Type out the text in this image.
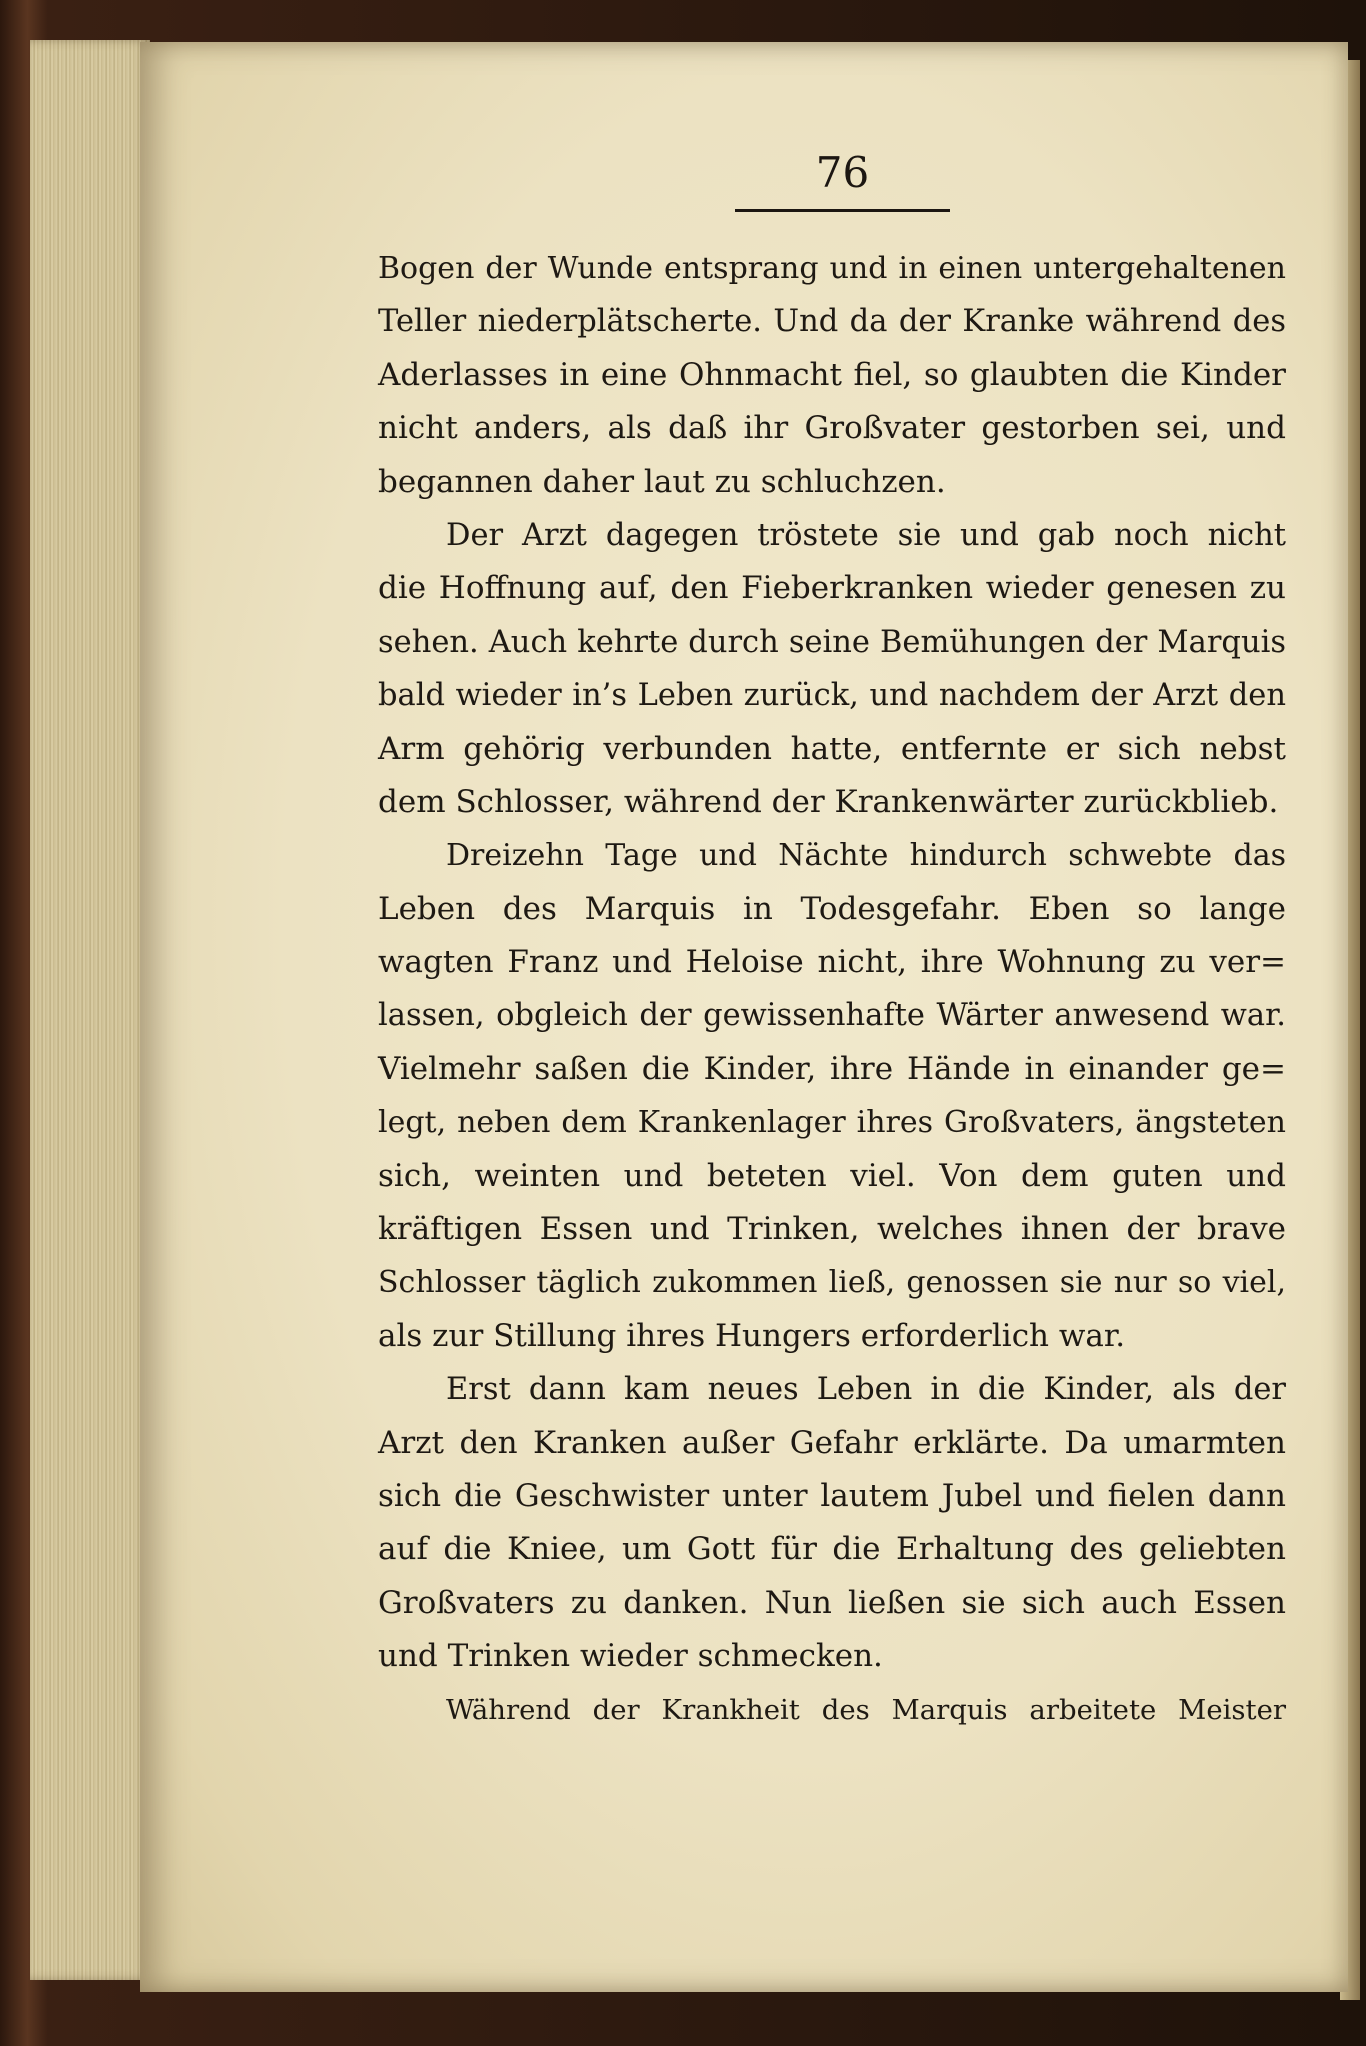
76
Bogen der Wunde entsprang und in einen untergehaltenen
Teller niederplätscherte. Und da der Kranke während des
Aderlasses in eine Ohnmacht fiel, so glaubten die Kinder
nicht anders, als daß ihr Großvater gestorben sei, und
begannen daher laut zu schluchzen.
Der Arzt dagegen tröstete sie und gab noch nicht
die Hoffnung auf, den Fieberkranken wieder genesen zu
sehen. Auch kehrte durch seine Bemühungen der Marquis
bald wieder in’s Leben zurück, und nachdem der Arzt den
Arm gehörig verbunden hatte, entfernte er sich nebst
dem Schlosser, während der Krankenwärter zurückblieb.
Dreizehn Tage und Nächte hindurch schwebte das
Leben des Marquis in Todesgefahr. Eben so lange
wagten Franz und Heloise nicht, ihre Wohnung zu ver=
lassen, obgleich der gewissenhafte Wärter anwesend war.
Vielmehr saßen die Kinder, ihre Hände in einander ge=
legt, neben dem Krankenlager ihres Großvaters, ängsteten
sich, weinten und beteten viel. Von dem guten und
kräftigen Essen und Trinken, welches ihnen der brave
Schlosser täglich zukommen ließ, genossen sie nur so viel,
als zur Stillung ihres Hungers erforderlich war.
Erst dann kam neues Leben in die Kinder, als der
Arzt den Kranken außer Gefahr erklärte. Da umarmten
sich die Geschwister unter lautem Jubel und fielen dann
auf die Kniee, um Gott für die Erhaltung des geliebten
Großvaters zu danken. Nun ließen sie sich auch Essen
und Trinken wieder schmecken.
Während der Krankheit des Marquis arbeitete Meister
